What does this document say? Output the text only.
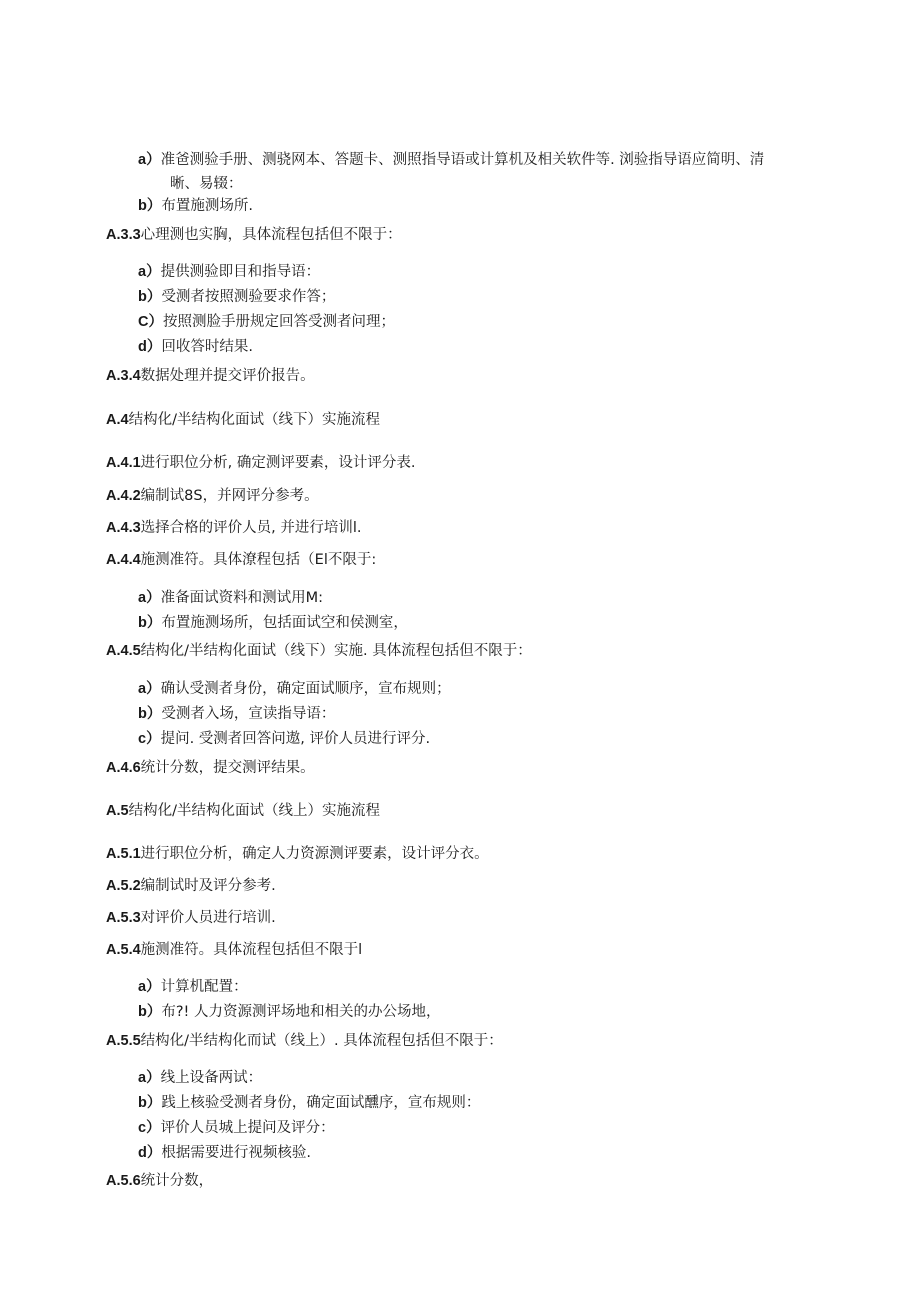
a）准爸测验手册、测骁网本、答题卡、测照指导语或计算机及相关软件等. 浏验指导语应简明、清
晰、易辍：
b）布置施测场所.
A.3.3心理测也实胸，具体流程包括但不限于：
a）提供测验即目和指导语：
b）受测者按照测验要求作答；
C）按照测脸手册规定回答受测者问理；
d）回收答时结果.
A.3.4数据处理并提交评价报告。
A.4结构化/半结构化面试（线下）实施流程
A.4.1进行职位分析, 确定测评要素，设计评分表.
A.4.2编制试8S，并网评分参考。
A.4.3选择合格的评价人员, 并进行培训l.
A.4.4施测准符。具体潦程包括（El不限于:
a）准备面试资料和测试用M:
b）布置施测场所，包括面试空和侯测室，
A.4.5结构化/半结构化面试（线下）实施. 具体流程包括但不限于：
a）确认受测者身份，确定面试顺序，宣布规则；
b）受测者入场，宣读指导语：
c）提问. 受测者回答问遨, 评价人员进行评分.
A.4.6统计分数，提交测评结果。
A.5结构化/半结构化面试（线上）实施流程
A.5.1进行职位分析，确定人力资源测评要素，设计评分衣。
A.5.2编制试时及评分参考.
A.5.3对评价人员进行培训.
A.5.4施测准符。具体流程包括但不限于l
a）计算机配置：
b）布?! 人力资源测评场地和相关的办公场地，
A.5.5结构化/半结构化而试（线上）. 具体流程包括但不限于：
a）线上设备两试：
b）践上核验受测者身份，确定面试醺序，宣布规则：
c）评价人员城上提问及评分：
d）根据需要进行视频核验.
A.5.6统计分数，
